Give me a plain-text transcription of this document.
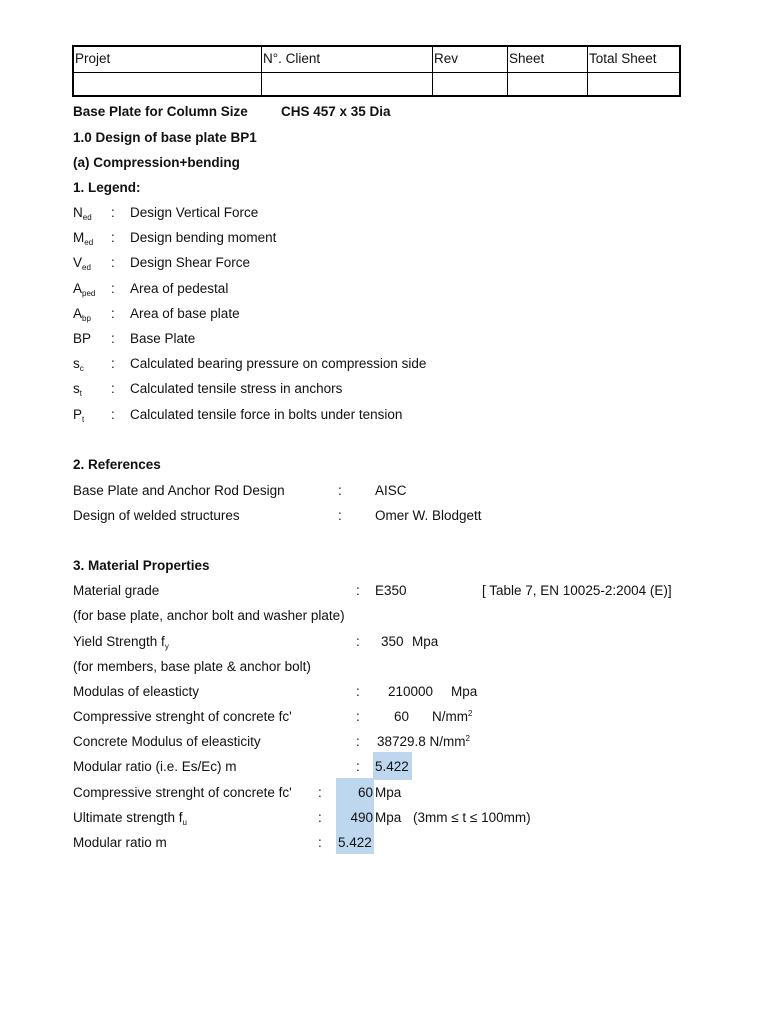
Projet	N°. Client	Rev	Sheet	Total Sheet
Base Plate for Column Size CHS 457 x 35 Dia
1.0 Design of base plate BP1
(a) Compression+bending
1. Legend:
$N_{ed}$ : Design Vertical Force
$M_{ed}$ : Design bending moment
$V_{ed}$ : Design Shear Force
$A_{ped}$ : Area of pedestal
$A_{bp}$ : Area of base plate
BP : Base Plate
$s_c$ : Calculated bearing pressure on compression side
$s_t$ : Calculated tensile stress in anchors
$P_t$ : Calculated tensile force in bolts under tension
2. References
Base Plate and Anchor Rod Design	: AISC
Design of welded structures	: Omer W. Blodgett
3. Material Properties
Material grade	: E350	[ Table 7, EN 10025-2:2004 (E)]
(for base plate, anchor bolt and washer plate)
Yield Strength $f_y$	: 350 Mpa
(for members, base plate & anchor bolt)
Modulas of eleasticty	: 210000 Mpa
Compressive strenght of concrete fc'	:	60 $N/mm^2$
Concrete Modulus of eleasticity	: 38729.8 $N/mm^2$
Modular ratio (i.e. Es/Ec) m	: 5.422
Compressive strenght of concrete fc' :	60 Mpa
Ultimate strength $f_u$	:	490 Mpa (3mm ≤ t ≤ 100mm)
Modular ratio m	: 5.422
